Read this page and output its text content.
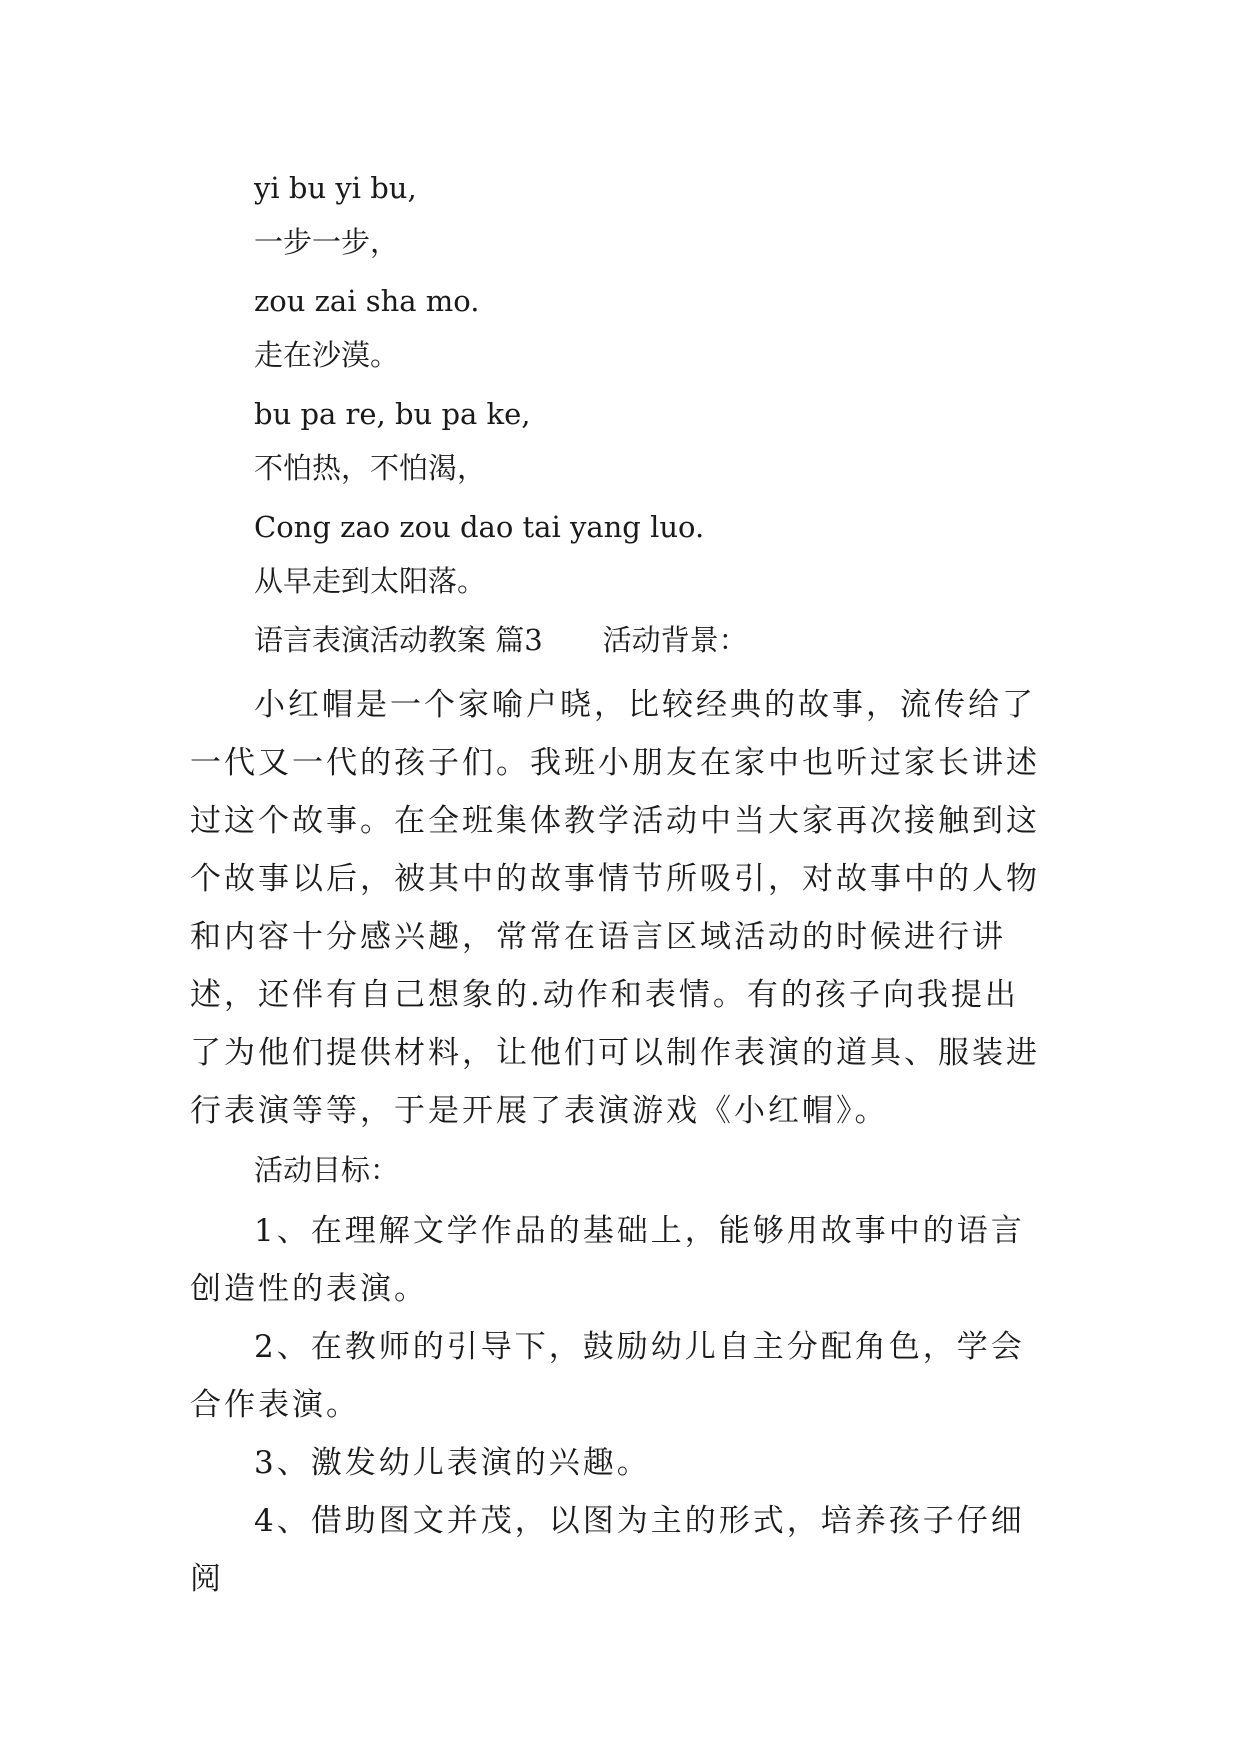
yi bu yi bu,
一步一步，
zou zai sha mo.
走在沙漠。
bu pa re, bu pa ke,
不怕热，不怕渴，
Cong zao zou dao tai yang luo.
从早走到太阳落。
语言表演活动教案 篇3 活动背景：
小红帽是一个家喻户晓，比较经典的故事，流传给了一代又一代的孩子们。我班小朋友在家中也听过家长讲述过这个故事。在全班集体教学活动中当大家再次接触到这个故事以后，被其中的故事情节所吸引，对故事中的人物和内容十分感兴趣，常常在语言区域活动的时候进行讲述，还伴有自己想象的.动作和表情。有的孩子向我提出了为他们提供材料，让他们可以制作表演的道具、服装进行表演等等，于是开展了表演游戏《小红帽》。
活动目标：
1、在理解文学作品的基础上，能够用故事中的语言创造性的表演。
2、在教师的引导下，鼓励幼儿自主分配角色，学会合作表演。
3、激发幼儿表演的兴趣。
4、借助图文并茂，以图为主的形式，培养孩子仔细阅
